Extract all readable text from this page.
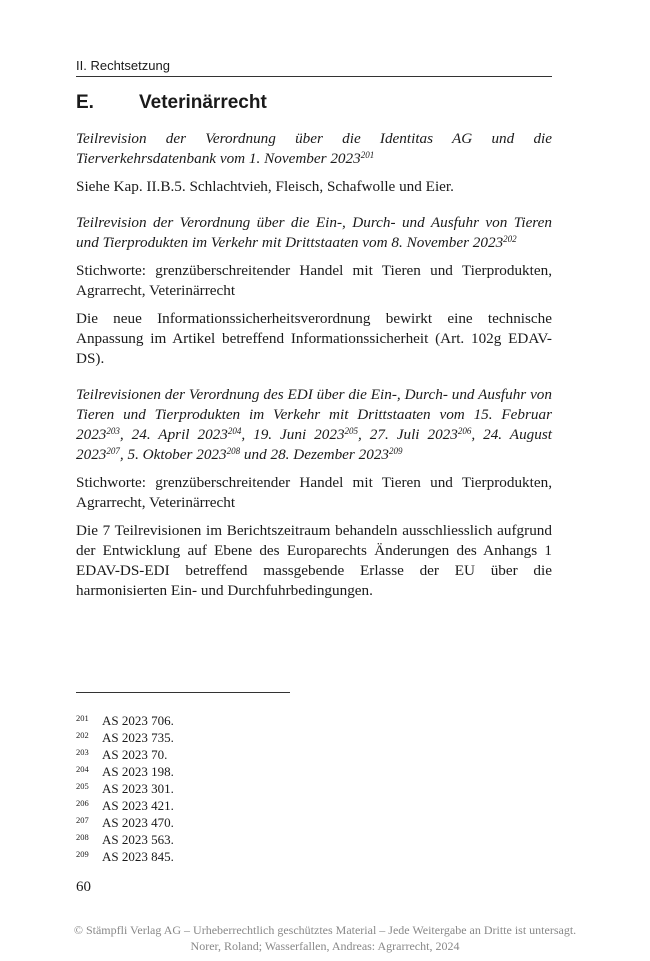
II. Rechtsetzung
E. Veterinärrecht

Teilrevision der Verordnung über die Identitas AG und die Tierverkehrsdatenbank vom 1. November 2023$^{201}$

Siehe Kap. II.B.5. Schlachtvieh, Fleisch, Schafwolle und Eier.

Teilrevision der Verordnung über die Ein-, Durch- und Ausfuhr von Tieren und Tierprodukten im Verkehr mit Drittstaaten vom 8. November 2023$^{202}$

Stichworte: grenzüberschreitender Handel mit Tieren und Tierprodukten, Agrarrecht, Veterinärrecht

Die neue Informationssicherheitsverordnung bewirkt eine technische Anpassung im Artikel betreffend Informationssicherheit (Art. 102g EDAV-DS).

Teilrevisionen der Verordnung des EDI über die Ein-, Durch- und Ausfuhr von Tieren und Tierprodukten im Verkehr mit Drittstaaten vom 15. Februar 2023$^{203}$, 24. April 2023$^{204}$, 19. Juni 2023$^{205}$, 27. Juli 2023$^{206}$, 24. August 2023$^{207}$, 5. Oktober 2023$^{208}$ und 28. Dezember 2023$^{209}$

Stichworte: grenzüberschreitender Handel mit Tieren und Tierprodukten, Agrarrecht, Veterinärrecht

Die 7 Teilrevisionen im Berichtszeitraum behandeln ausschliesslich aufgrund der Entwicklung auf Ebene des Europarechts Änderungen des Anhangs 1 EDAV-DS-EDI betreffend massgebende Erlasse der EU über die harmonisierten Ein- und Durchfuhrbedingungen.

201 AS 2023 706.
202 AS 2023 735.
203 AS 2023 70.
204 AS 2023 198.
205 AS 2023 301.
206 AS 2023 421.
207 AS 2023 470.
208 AS 2023 563.
209 AS 2023 845.
60
© Stämpfli Verlag AG – Urheberrechtlich geschütztes Material – Jede Weitergabe an Dritte ist untersagt.
Norer, Roland; Wasserfallen, Andreas: Agrarrecht, 2024
